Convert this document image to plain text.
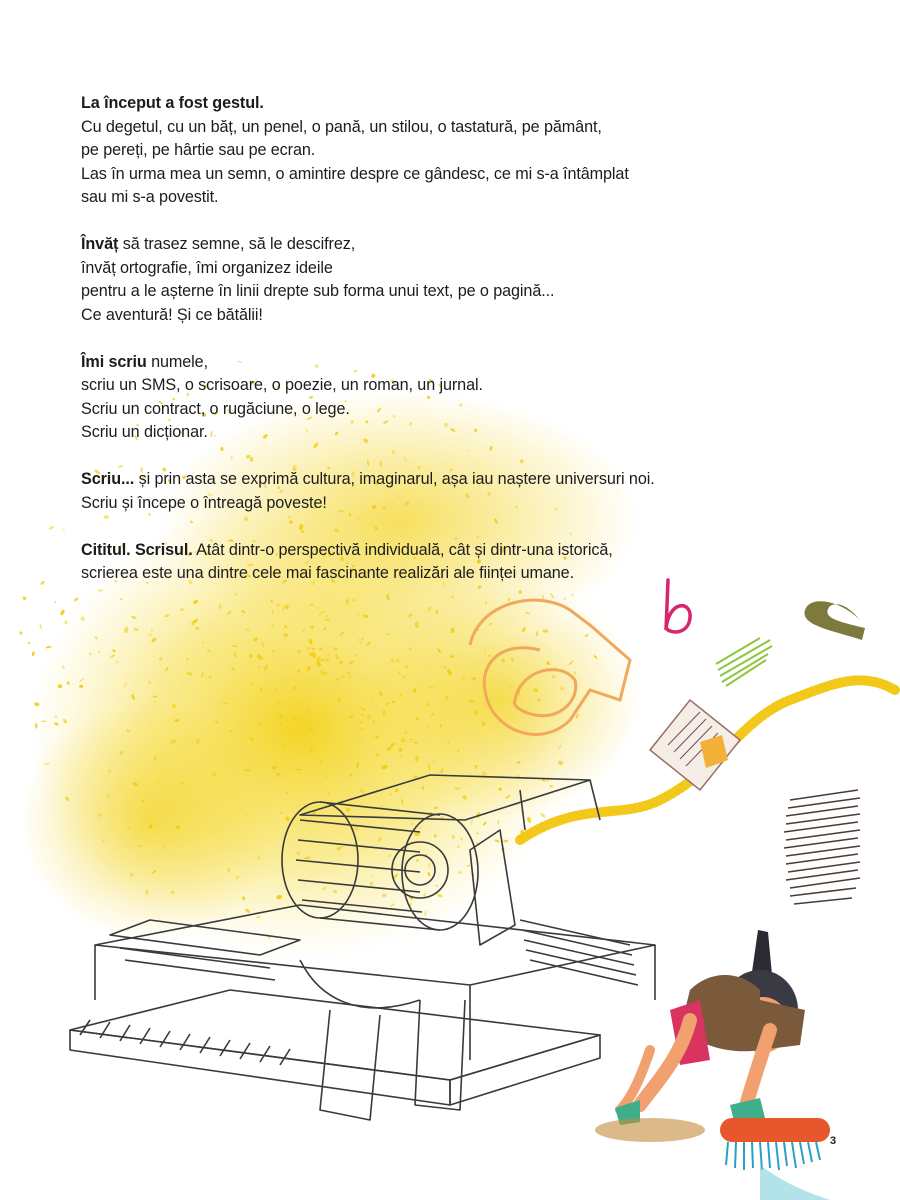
La început a fost gestul.
Cu degetul, cu un băț, un penel, o pană, un stilou, o tastatură, pe pământ,
pe pereți, pe hârtie sau pe ecran.
Las în urma mea un semn, o amintire despre ce gândesc, ce mi s-a întâmplat
sau mi s-a povestit.

Învăț să trasez semne, să le descifrez,
învăț ortografie, îmi organizez ideile
pentru a le așterne în linii drepte sub forma unui text, pe o pagină...
Ce aventură! Și ce bătălii!

Îmi scriu numele,
scriu un SMS, o scrisoare, o poezie, un roman, un jurnal.
Scriu un contract, o rugăciune, o lege.
Scriu un dicționar.

Scriu... și prin asta se exprimă cultura, imaginarul, așa iau naștere universuri noi.
Scriu și începe o întreagă poveste!

Cititul. Scrisul. Atât dintr-o perspectivă individuală, cât și dintr-una istorică,
scrierea este una dintre cele mai fascinante realizări ale ființei umane.

3
